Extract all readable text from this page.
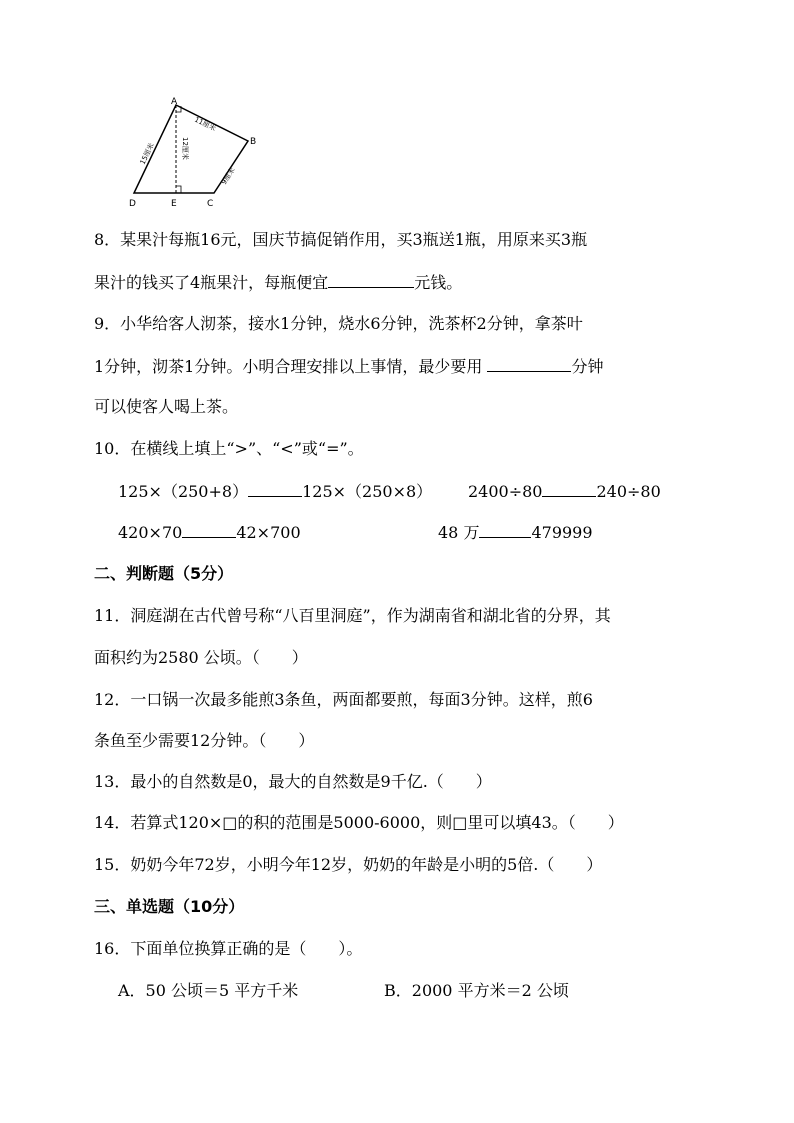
A
B
C
D	E
11厘米
15厘米	12厘米
9厘米
8．某果汁每瓶16元，国庆节搞促销作用，买3瓶送1瓶，用原来买3瓶
果汁的钱买了4瓶果汁，每瓶便宜	元钱。
9．小华给客人沏茶，接水1分钟，烧水6分钟，洗茶杯2分钟，拿茶叶
1分钟，沏茶1分钟。小明合理安排以上事情，最少要用	分钟
可以使客人喝上茶。
10．在横线上填上“>”、“<”或“=”。
125×（250+8）	125×（250×8） 2400÷80	240÷80
420×70	42×700	48 万	479999
二、判断题（5分）
11．洞庭湖在古代曾号称“八百里洞庭”，作为湖南省和湖北省的分界，其
面积约为2580 公顷。（　　）
12．一口锅一次最多能煎3条鱼，两面都要煎，每面3分钟。这样，煎6
条鱼至少需要12分钟。（　　）
13．最小的自然数是0，最大的自然数是9千亿.（　　）
14．若算式120×□的积的范围是5000-6000，则□里可以填43。（　　）
15．奶奶今年72岁，小明今年12岁，奶奶的年龄是小明的5倍.（　　）
三、单选题（10分）
16．下面单位换算正确的是（　　）。
A．50 公顷＝5 平方千米	B．2000 平方米＝2 公顷
